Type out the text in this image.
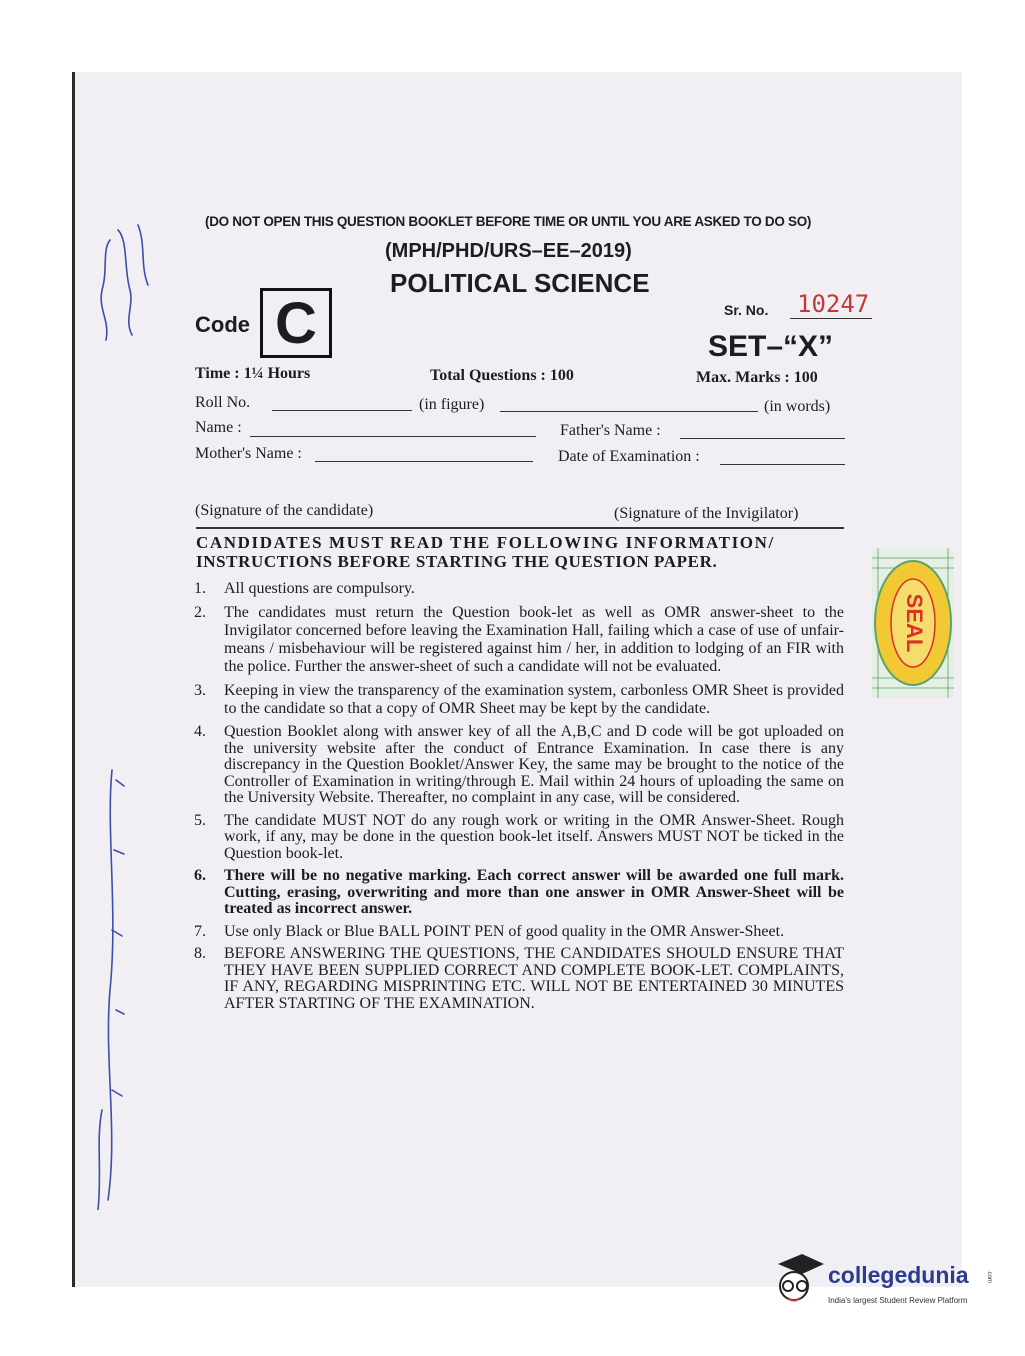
(DO NOT OPEN THIS QUESTION BOOKLET BEFORE TIME OR UNTIL YOU ARE ASKED TO DO SO)
(MPH/PHD/URS–EE–2019)
POLITICAL SCIENCE
Code C	Sr. No. 10247
SET–“X”
Time : 1¼ Hours	Total Questions : 100	Max. Marks : 100
Roll No.	(in figure)	(in words)
Name :	Father's Name :
Mother's Name :	Date of Examination :
(Signature of the candidate)	(Signature of the Invigilator)
CANDIDATES MUST READ THE FOLLOWING INFORMATION/
INSTRUCTIONS BEFORE STARTING THE QUESTION PAPER.
1. All questions are compulsory.
2. The candidates must return the Question book-let as well as OMR answer-sheet to the Invigilator concerned before leaving the Examination Hall, failing which a case of use of unfair-means / misbehaviour will be registered against him / her, in addition to lodging of an FIR with the police. Further the answer-sheet of such a candidate will not be evaluated.
3. Keeping in view the transparency of the examination system, carbonless OMR Sheet is provided to the candidate so that a copy of OMR Sheet may be kept by the candidate.
4. Question Booklet along with answer key of all the A,B,C and D code will be got uploaded on the university website after the conduct of Entrance Examination. In case there is any discrepancy in the Question Booklet/Answer Key, the same may be brought to the notice of the Controller of Examination in writing/through E. Mail within 24 hours of uploading the same on the University Website. Thereafter, no complaint in any case, will be considered.
5. The candidate MUST NOT do any rough work or writing in the OMR Answer-Sheet. Rough work, if any, may be done in the question book-let itself. Answers MUST NOT be ticked in the Question book-let.
6. There will be no negative marking. Each correct answer will be awarded one full mark. Cutting, erasing, overwriting and more than one answer in OMR Answer-Sheet will be treated as incorrect answer.
7. Use only Black or Blue BALL POINT PEN of good quality in the OMR Answer-Sheet.
8. BEFORE ANSWERING THE QUESTIONS, THE CANDIDATES SHOULD ENSURE THAT THEY HAVE BEEN SUPPLIED CORRECT AND COMPLETE BOOK-LET. COMPLAINTS, IF ANY, REGARDING MISPRINTING ETC. WILL NOT BE ENTERTAINED 30 MINUTES AFTER STARTING OF THE EXAMINATION.
SEAL
collegedunia	.com
India's largest Student Review Platform
